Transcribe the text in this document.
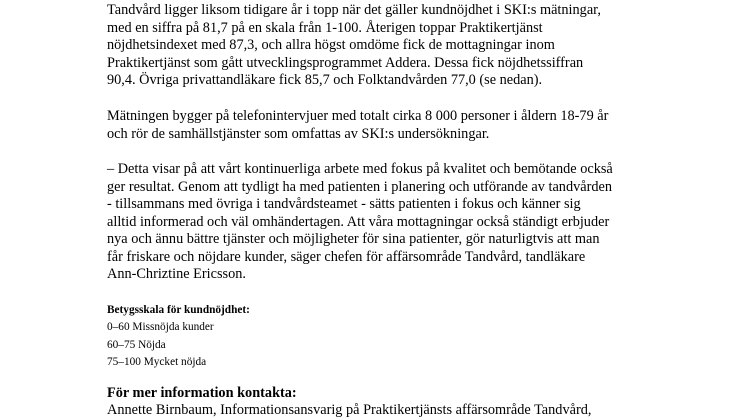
Tandvård ligger liksom tidigare år i topp när det gäller kundnöjdhet i SKI:s mätningar,
med en siffra på 81,7 på en skala från 1-100. Återigen toppar Praktikertjänst
nöjdhetsindexet med 87,3, och allra högst omdöme fick de mottagningar inom
Praktikertjänst som gått utvecklingsprogrammet Addera. Dessa fick nöjdhetssiffran
90,4. Övriga privattandläkare fick 85,7 och Folktandvården 77,0 (se nedan).

Mätningen bygger på telefonintervjuer med totalt cirka 8 000 personer i åldern 18-79 år
och rör de samhällstjänster som omfattas av SKI:s undersökningar.

– Detta visar på att vårt kontinuerliga arbete med fokus på kvalitet och bemötande också
ger resultat. Genom att tydligt ha med patienten i planering och utförande av tandvården
- tillsammans med övriga i tandvårdsteamet - sätts patienten i fokus och känner sig
alltid informerad och väl omhändertagen. Att våra mottagningar också ständigt erbjuder
nya och ännu bättre tjänster och möjligheter för sina patienter, gör naturligtvis att man
får friskare och nöjdare kunder, säger chefen för affärsområde Tandvård, tandläkare
Ann-Chriztine Ericsson.

Betygsskala för kundnöjdhet:
0–60 Missnöjda kunder
60–75 Nöjda
75–100 Mycket nöjda
För mer information kontakta:
Annette Birnbaum, Informationsansvarig på Praktikertjänsts affärsområde Tandvård,
